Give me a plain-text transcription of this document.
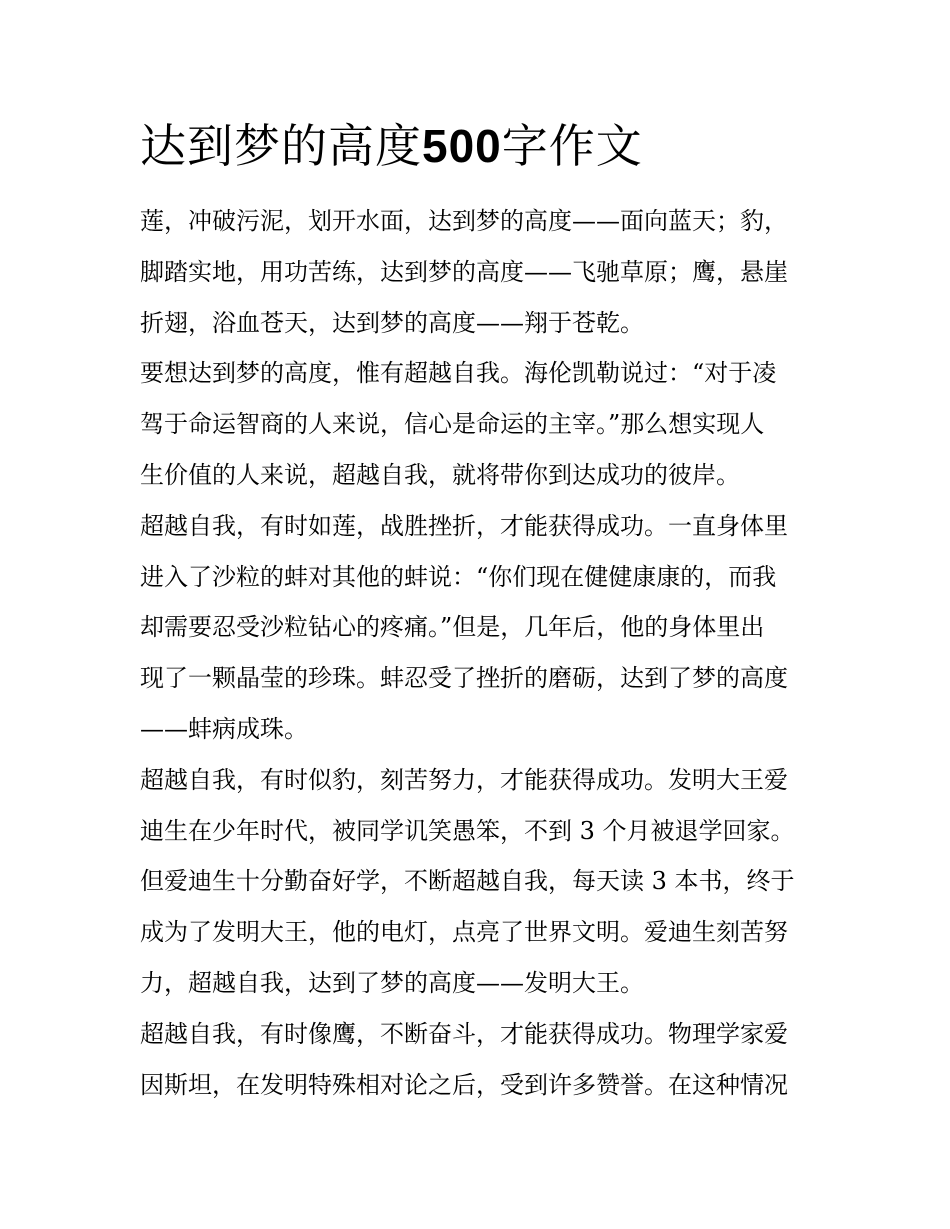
达到梦的高度500字作文
莲，冲破污泥，划开水面，达到梦的高度——面向蓝天；豹，
脚踏实地，用功苦练，达到梦的高度——飞驰草原；鹰，悬崖
折翅，浴血苍天，达到梦的高度——翔于苍乾。
要想达到梦的高度，惟有超越自我。海伦凯勒说过：“对于凌
驾于命运智商的人来说，信心是命运的主宰。”那么想实现人
生价值的人来说，超越自我，就将带你到达成功的彼岸。
超越自我，有时如莲，战胜挫折，才能获得成功。一直身体里
进入了沙粒的蚌对其他的蚌说：“你们现在健健康康的，而我
却需要忍受沙粒钻心的疼痛。”但是，几年后，他的身体里出
现了一颗晶莹的珍珠。蚌忍受了挫折的磨砺，达到了梦的高度
——蚌病成珠。
超越自我，有时似豹，刻苦努力，才能获得成功。发明大王爱
迪生在少年时代，被同学讥笑愚笨，不到 3 个月被退学回家。
但爱迪生十分勤奋好学，不断超越自我，每天读 3 本书，终于
成为了发明大王，他的电灯，点亮了世界文明。爱迪生刻苦努
力，超越自我，达到了梦的高度——发明大王。
超越自我，有时像鹰，不断奋斗，才能获得成功。物理学家爱
因斯坦，在发明特殊相对论之后，受到许多赞誉。在这种情况
